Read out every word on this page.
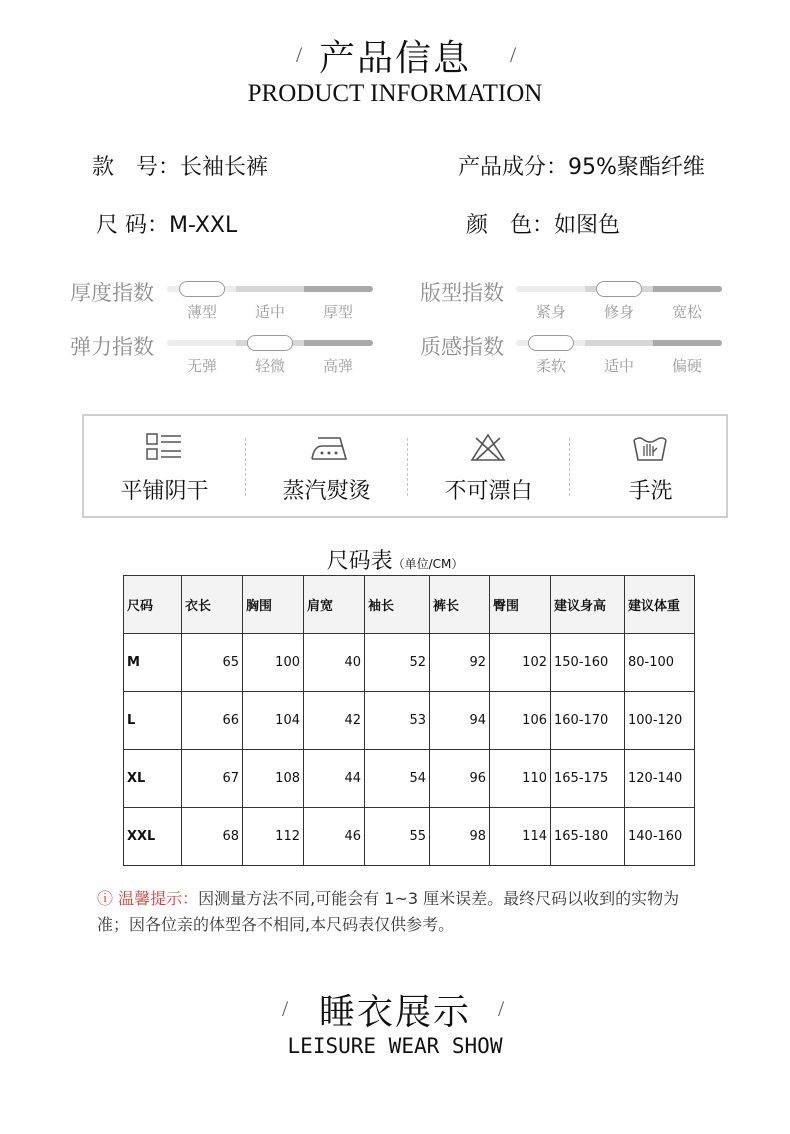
/ 产品信息	/
PRODUCT INFORMATION
款　号：长袖长裤	产品成分：95%聚酯纤维
尺 码：M-XXL	颜　色：如图色
厚度指数
薄型	适中	厚型
版型指数
紧身	修身	宽松
弹力指数
无弹	轻微	高弹
质感指数
柔软	适中	偏硬
平铺阴干	蒸汽熨烫	不可漂白	手洗
尺码表（单位/CM）
尺码	衣长	胸围	肩宽	袖长	裤长	臀围	建议身高	建议体重
M	65	100	40	52	92	102	150-160	80-100
L	66	104	42	53	94	106	160-170	100-120
XL	67	108	44	54	96	110	165-175	120-140
XXL	68	112	46	55	98	114	165-180	140-160
ⓘ 温馨提示：因测量方法不同,可能会有 1~3 厘米误差。最终尺码以收到的实物为
准；因各位亲的体型各不相同,本尺码表仅供参考。
/ 睡衣展示	/
LEISURE WEAR SHOW
